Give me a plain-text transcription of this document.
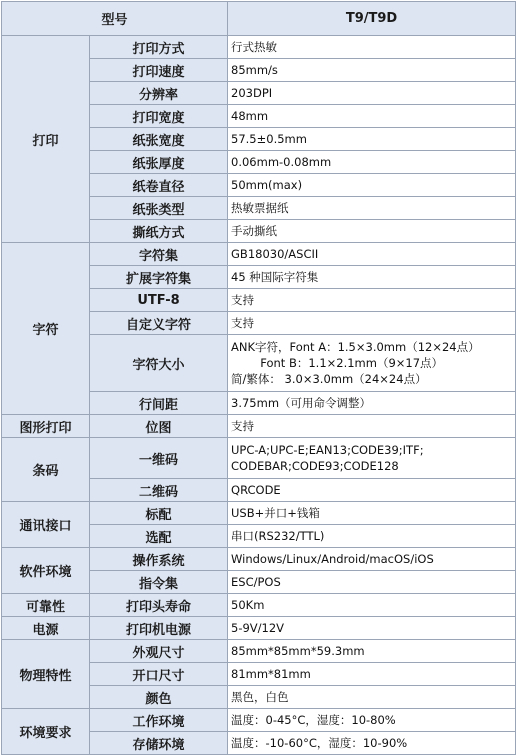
型号		T9/T9D
打印	打印方式	行式热敏
	打印速度	85mm/s
	分辨率	203DPI
	打印宽度	48mm
	纸张宽度	57.5±0.5mm
	纸张厚度	0.06mm-0.08mm
	纸卷直径	50mm(max)
	纸张类型	热敏票据纸
	撕纸方式	手动撕纸
字符	字符集	GB18030/ASCII
	扩展字符集	45 种国际字符集
	UTF-8	支持
	自定义字符	支持
	字符大小	ANK字符，Font A：1.5×3.0mm（12×24点）
Font B：1.1×2.1mm（9×17点）
简/繁体： 3.0×3.0mm（24×24点）

	行间距	3.75mm（可用命令调整）
图形打印	位图	支持
条码	一维码	UPC-A;UPC-E;EAN13;CODE39;ITF;
CODEBAR;CODE93;CODE128

	二维码	QRCODE
通讯接口	标配	USB+并口+钱箱
	选配	串口(RS232/TTL)
软件环境	操作系统	Windows/Linux/Android/macOS/iOS
	指令集	ESC/POS
可靠性	打印头寿命	50Km
电源	打印机电源	5-9V/12V
物理特性	外观尺寸	85mm*85mm*59.3mm
	开口尺寸	81mm*81mm
	颜色	黑色，白色
环境要求	工作环境	温度：0-45°C，湿度：10-80%
	存储环境	温度：-10-60°C，湿度：10-90%
